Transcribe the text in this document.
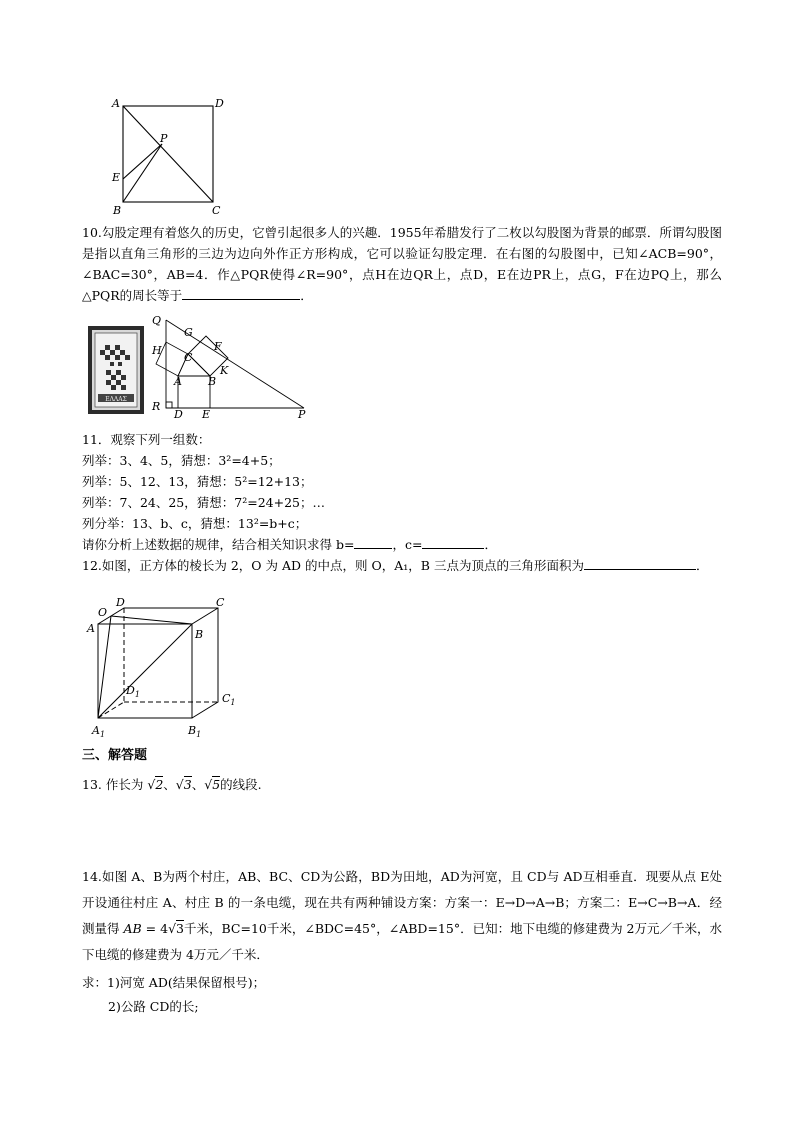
A	D
P
E
B	C
10.勾股定理有着悠久的历史，它曾引起很多人的兴趣．1955年希腊发行了二枚以勾股图为背景的邮票．所谓勾股图是指以直角三角形的三边为边向外作正方形构成，它可以验证勾股定理．在右图的勾股图中，已知∠ACB=90°，∠BAC=30°，AB=4．作△PQR使得∠R=90°，点H在边QR上，点D，E在边PR上，点G，F在边PQ上，那么△PQR的周长等于	．
ΕΛΛΑΣ
Q
G
H
C
F
K
A B
R
D E	P
11．观察下列一组数：
列举：3、4、5，猜想：3²=4+5；
列举：5、12、13，猜想：5²=12+13；
列举：7、24、25，猜想：7²=24+25；…
列分举：13、b、c，猜想：13²=b+c；
请你分析上述数据的规律，结合相关知识求得 b=	，c=	．
12.如图，正方体的棱长为 2，O 为 AD 的中点，则 O，A₁，B 三点为顶点的三角形面积为	．
O
D	C
A	B
$D_1$	$C_1$
$A_1$	$B_1$
三、解答题
13. 作长为 √2、√3、√5的线段.
14.如图 A、B为两个村庄，AB、BC、CD为公路，BD为田地，AD为河宽，且 CD与 AD互相垂直．现要从点 E处开设通往村庄 A、村庄 B 的一条电缆，现在共有两种铺设方案：方案一：E→D→A→B；方案二：E→C→B→A．经测量得 AB = 4√3千米，BC=10千米，∠BDC=45°，∠ABD=15°．已知：地下电缆的修建费为 2万元／千米，水下电缆的修建费为 4万元／千米．
求：1)河宽 AD(结果保留根号)；
2)公路 CD的长;
